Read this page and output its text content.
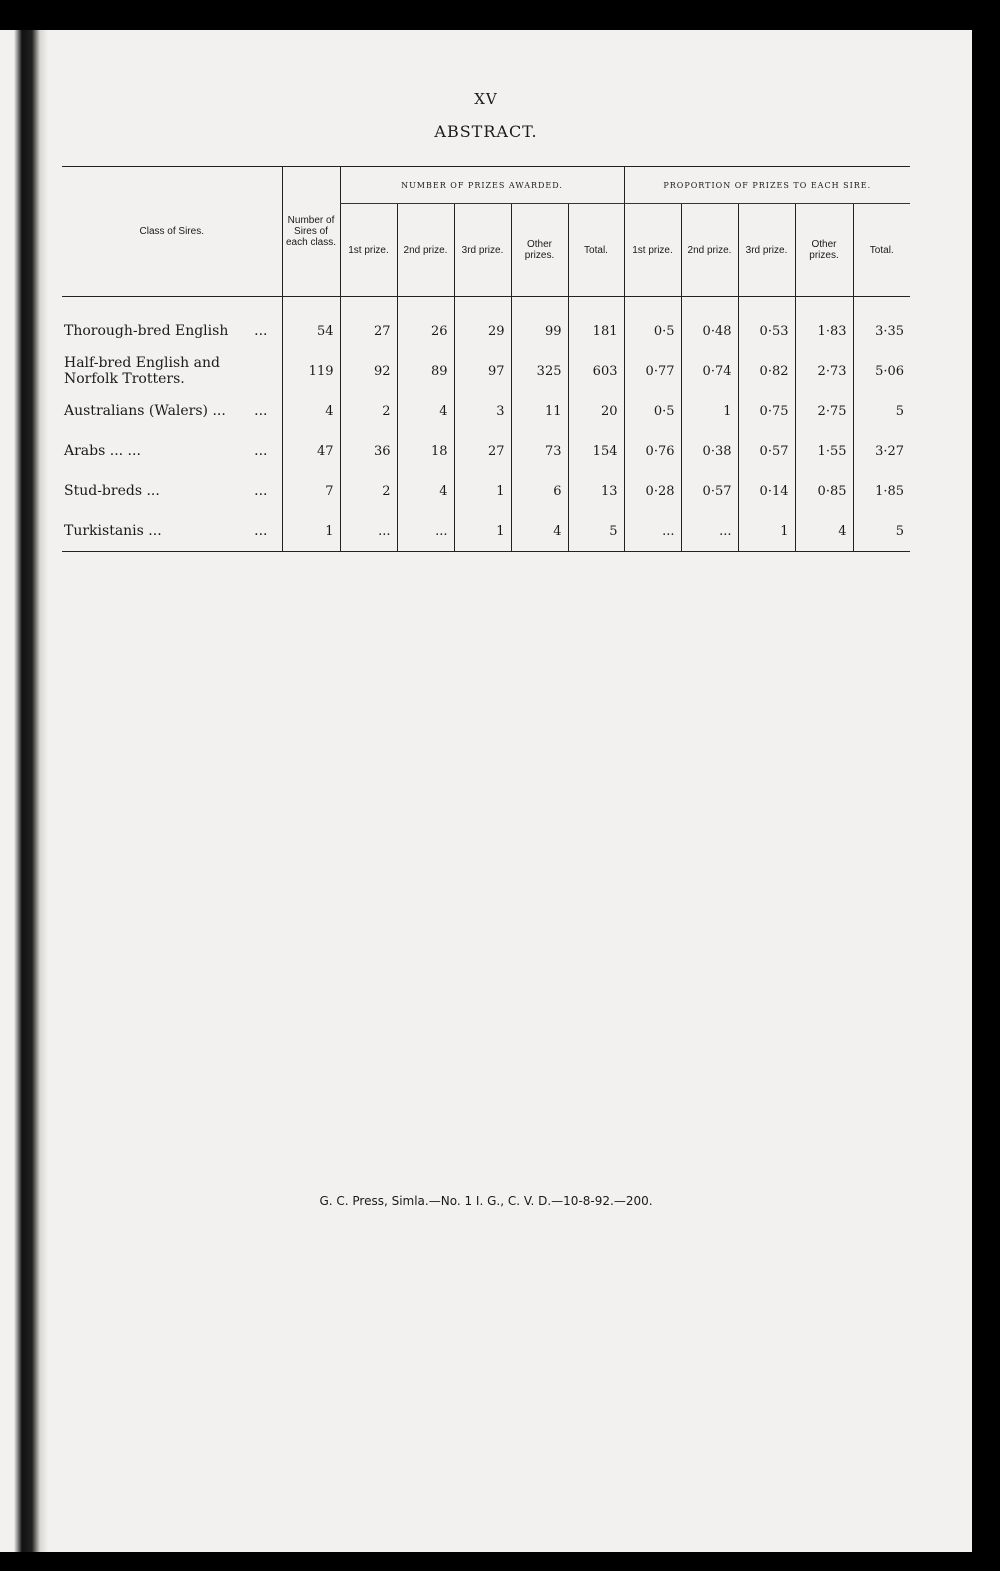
XV
ABSTRACT.
Class of Sires.	Number of Sires of each class.	NUMBER OF PRIZES AWARDED.					PROPORTION OF PRIZES TO EACH SIRE.				
		1st prize.	2nd prize.	3rd prize.	Other prizes.	Total.	1st prize.	2nd prize.	3rd prize.	Other prizes.	Total.

Thorough-bred English ...	54	27	26	29	99	181	0·5	0·48	0·53	1·83	3·35
Half-bred English and Norfolk Trotters.	119	92	89	97	325	603	0·77	0·74	0·82	2·73	5·06
Australians (Walers) ... ...	4	2	4	3	11	20	0·5	1	0·75	2·75	5
Arabs ... ... ...	47	36	18	27	73	154	0·76	0·38	0·57	1·55	3·27
Stud-breds ... ...	7	2	4	1	6	13	0·28	0·57	0·14	0·85	1·85
Turkistanis ... ...	1	...	...	1	4	5	...	...	1	4	5
G. C. Press, Simla.—No. 1 I. G., C. V. D.—10-8-92.—200.
